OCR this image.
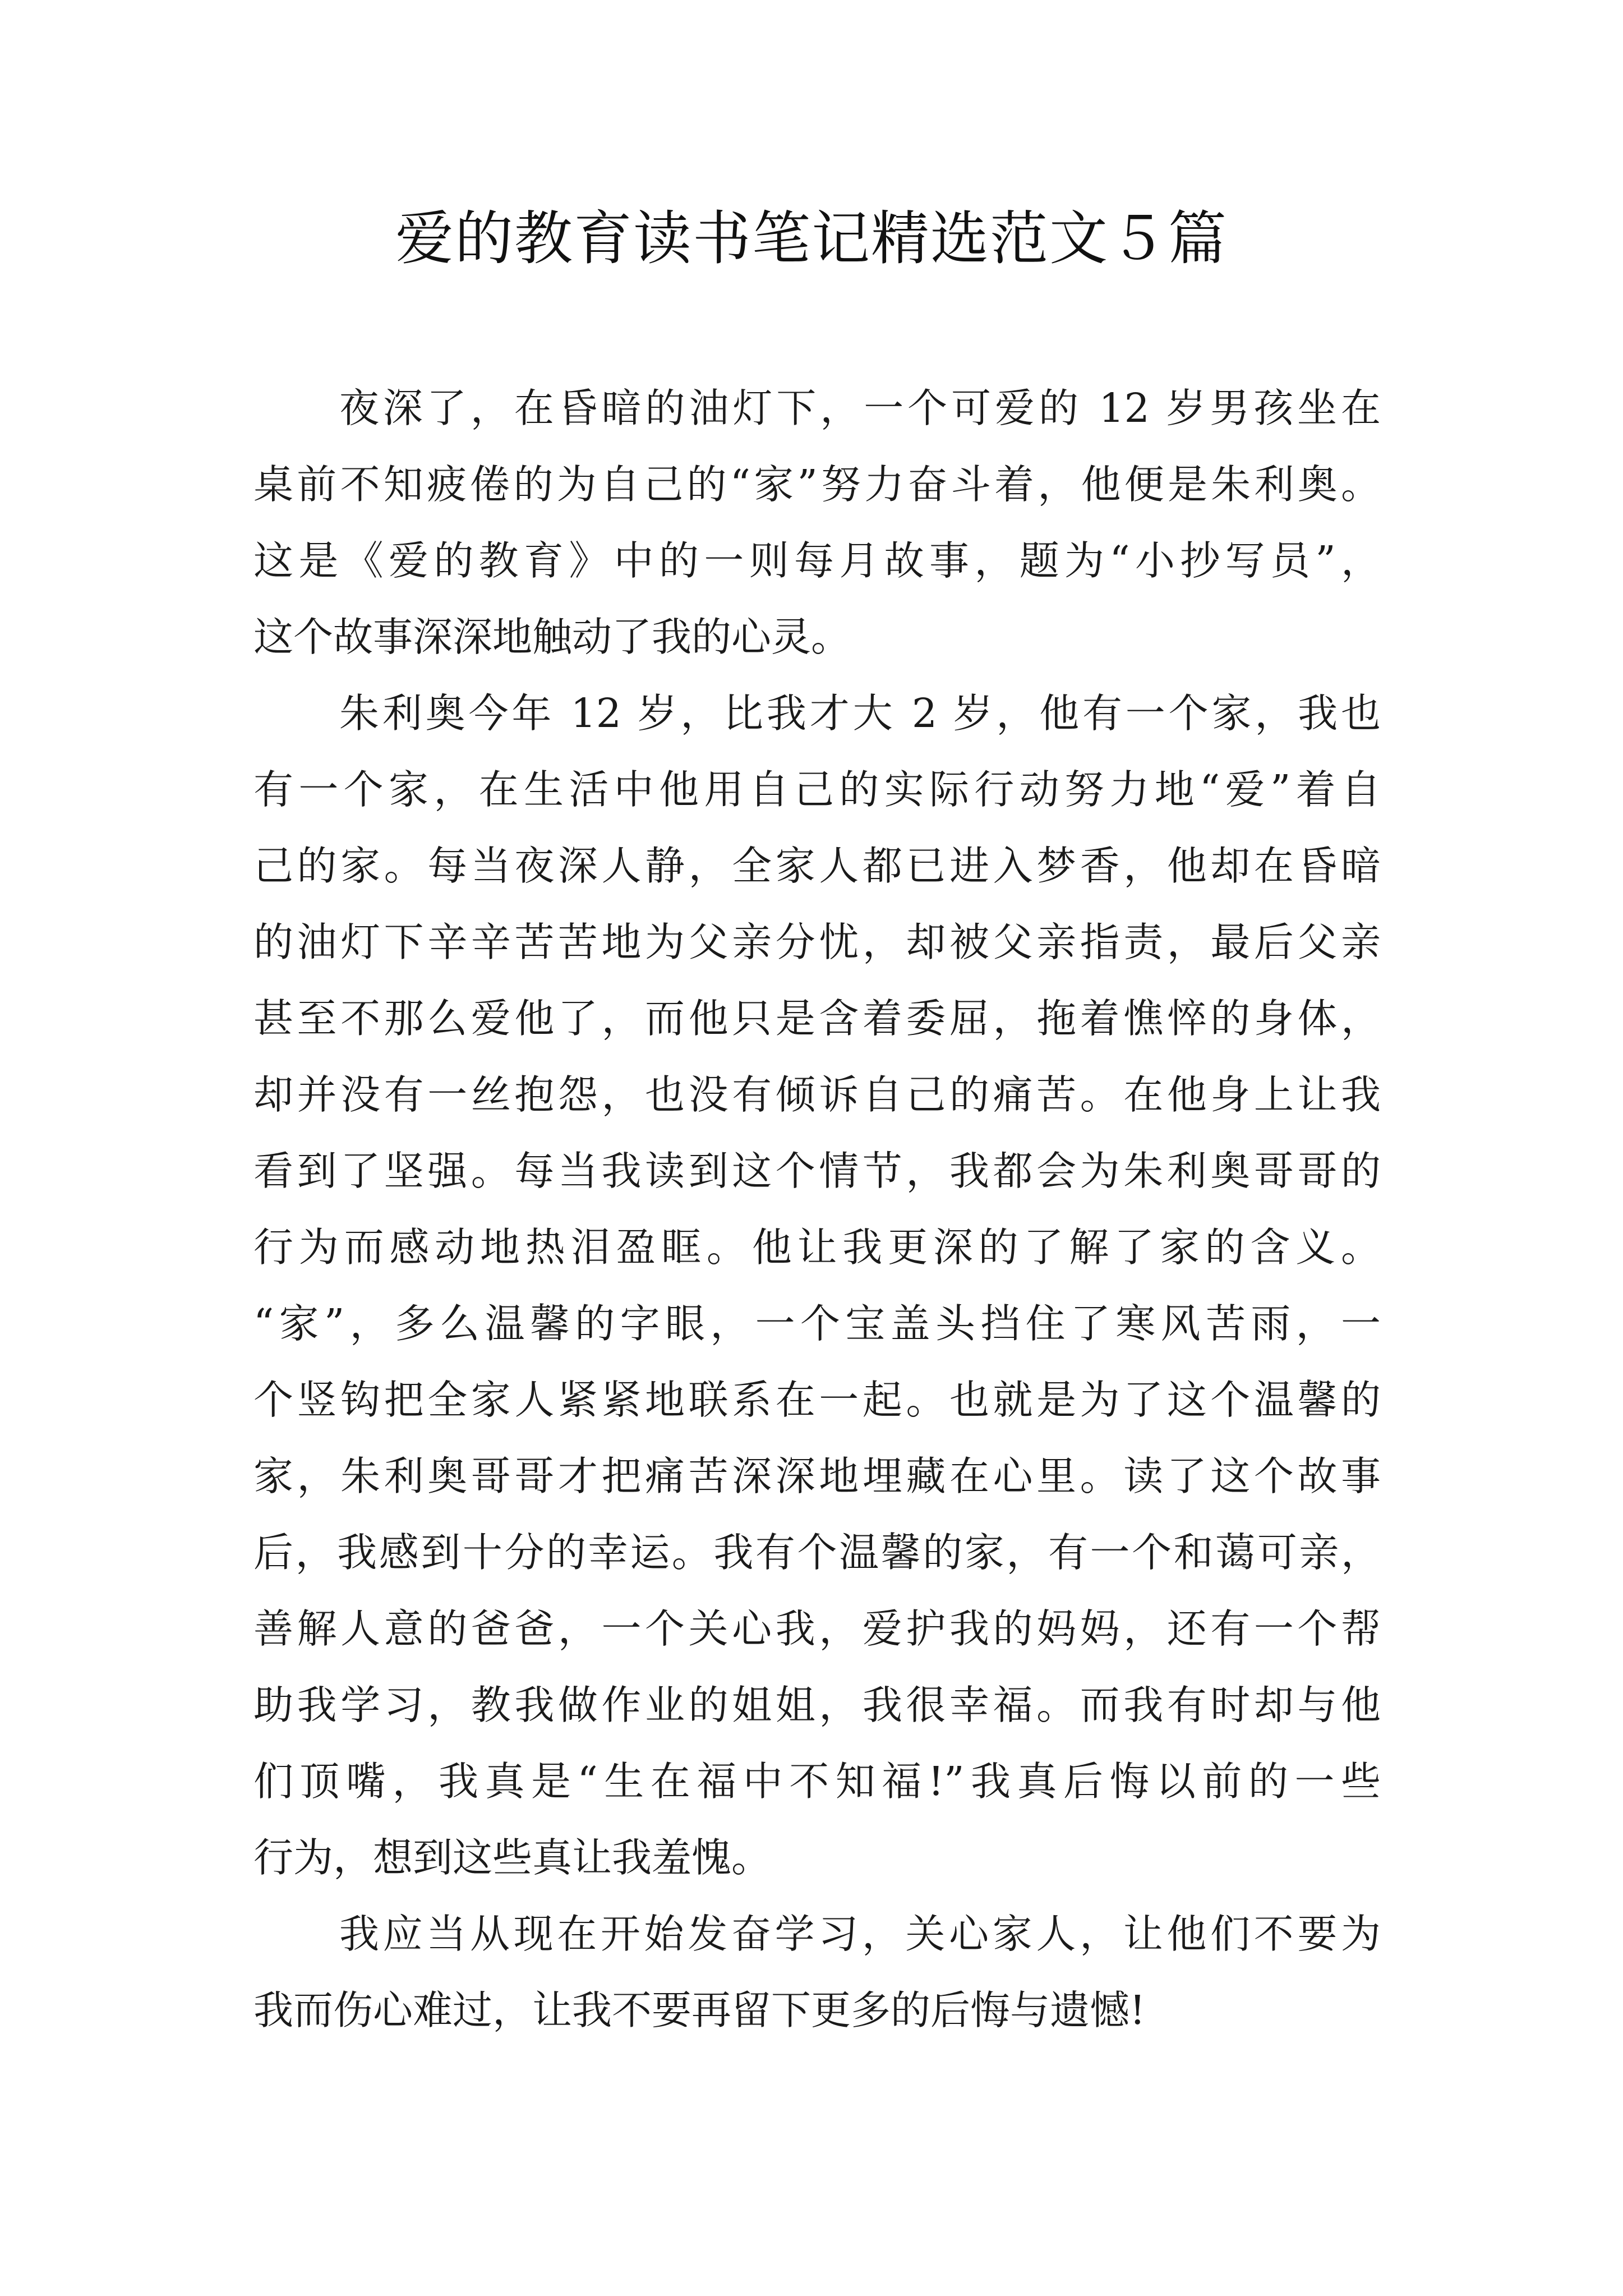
爱的教育读书笔记精选范文５篇
夜深了，在昏暗的油灯下，一个可爱的 12 岁男孩坐在
桌前不知疲倦的为自己的“家”努力奋斗着，他便是朱利奥。
这是《爱的教育》中的一则每月故事，题为“小抄写员”，
这个故事深深地触动了我的心灵。
朱利奥今年 12 岁，比我才大 2 岁，他有一个家，我也
有一个家，在生活中他用自己的实际行动努力地“爱”着自
己的家。每当夜深人静，全家人都已进入梦香，他却在昏暗
的油灯下辛辛苦苦地为父亲分忧，却被父亲指责，最后父亲
甚至不那么爱他了，而他只是含着委屈，拖着憔悴的身体，
却并没有一丝抱怨，也没有倾诉自己的痛苦。在他身上让我
看到了坚强。每当我读到这个情节，我都会为朱利奥哥哥的
行为而感动地热泪盈眶。他让我更深的了解了家的含义。
“家”，多么温馨的字眼，一个宝盖头挡住了寒风苦雨，一
个竖钩把全家人紧紧地联系在一起。也就是为了这个温馨的
家，朱利奥哥哥才把痛苦深深地埋藏在心里。读了这个故事
后，我感到十分的幸运。我有个温馨的家，有一个和蔼可亲，
善解人意的爸爸，一个关心我，爱护我的妈妈，还有一个帮
助我学习，教我做作业的姐姐，我很幸福。而我有时却与他
们顶嘴，我真是“生在福中不知福!”我真后悔以前的一些
行为，想到这些真让我羞愧。
我应当从现在开始发奋学习，关心家人，让他们不要为
我而伤心难过，让我不要再留下更多的后悔与遗憾!
